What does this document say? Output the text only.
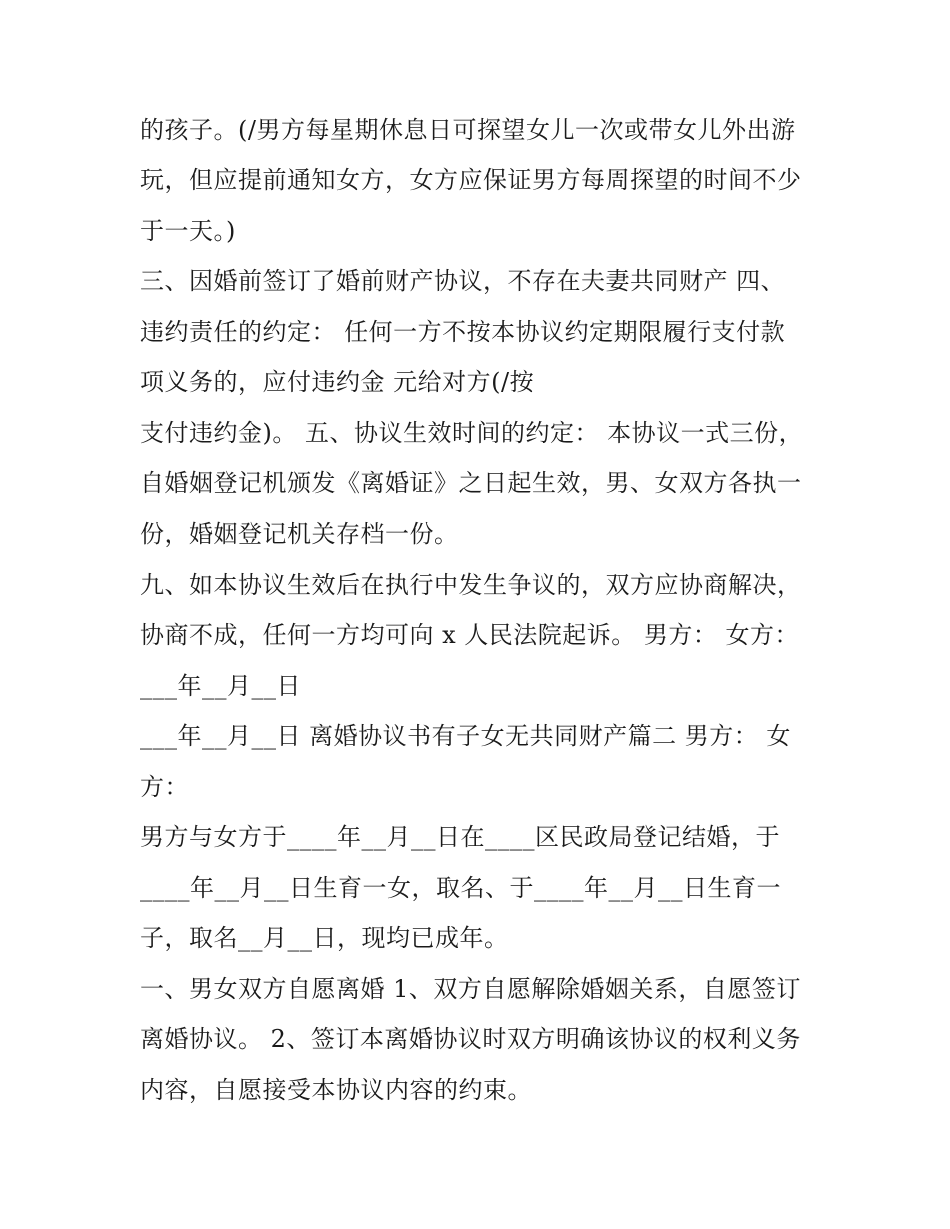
的孩子。(/男方每星期休息日可探望女儿一次或带女儿外出游
玩，但应提前通知女方，女方应保证男方每周探望的时间不少
于一天。)
三、因婚前签订了婚前财产协议，不存在夫妻共同财产 四、
违约责任的约定： 任何一方不按本协议约定期限履行支付款
项义务的，应付违约金 元给对方(/按
支付违约金)。 五、协议生效时间的约定： 本协议一式三份，
自婚姻登记机颁发《离婚证》之日起生效，男、女双方各执一
份，婚姻登记机关存档一份。
九、如本协议生效后在执行中发生争议的，双方应协商解决，
协商不成，任何一方均可向 x 人民法院起诉。 男方： 女方：
___年__月__日
___年__月__日 离婚协议书有子女无共同财产篇二 男方： 女
方：
男方与女方于____年__月__日在____区民政局登记结婚，于
____年__月__日生育一女，取名、于____年__月__日生育一
子，取名__月__日，现均已成年。
一、男女双方自愿离婚 1、双方自愿解除婚姻关系，自愿签订
离婚协议。 2、签订本离婚协议时双方明确该协议的权利义务
内容，自愿接受本协议内容的约束。
